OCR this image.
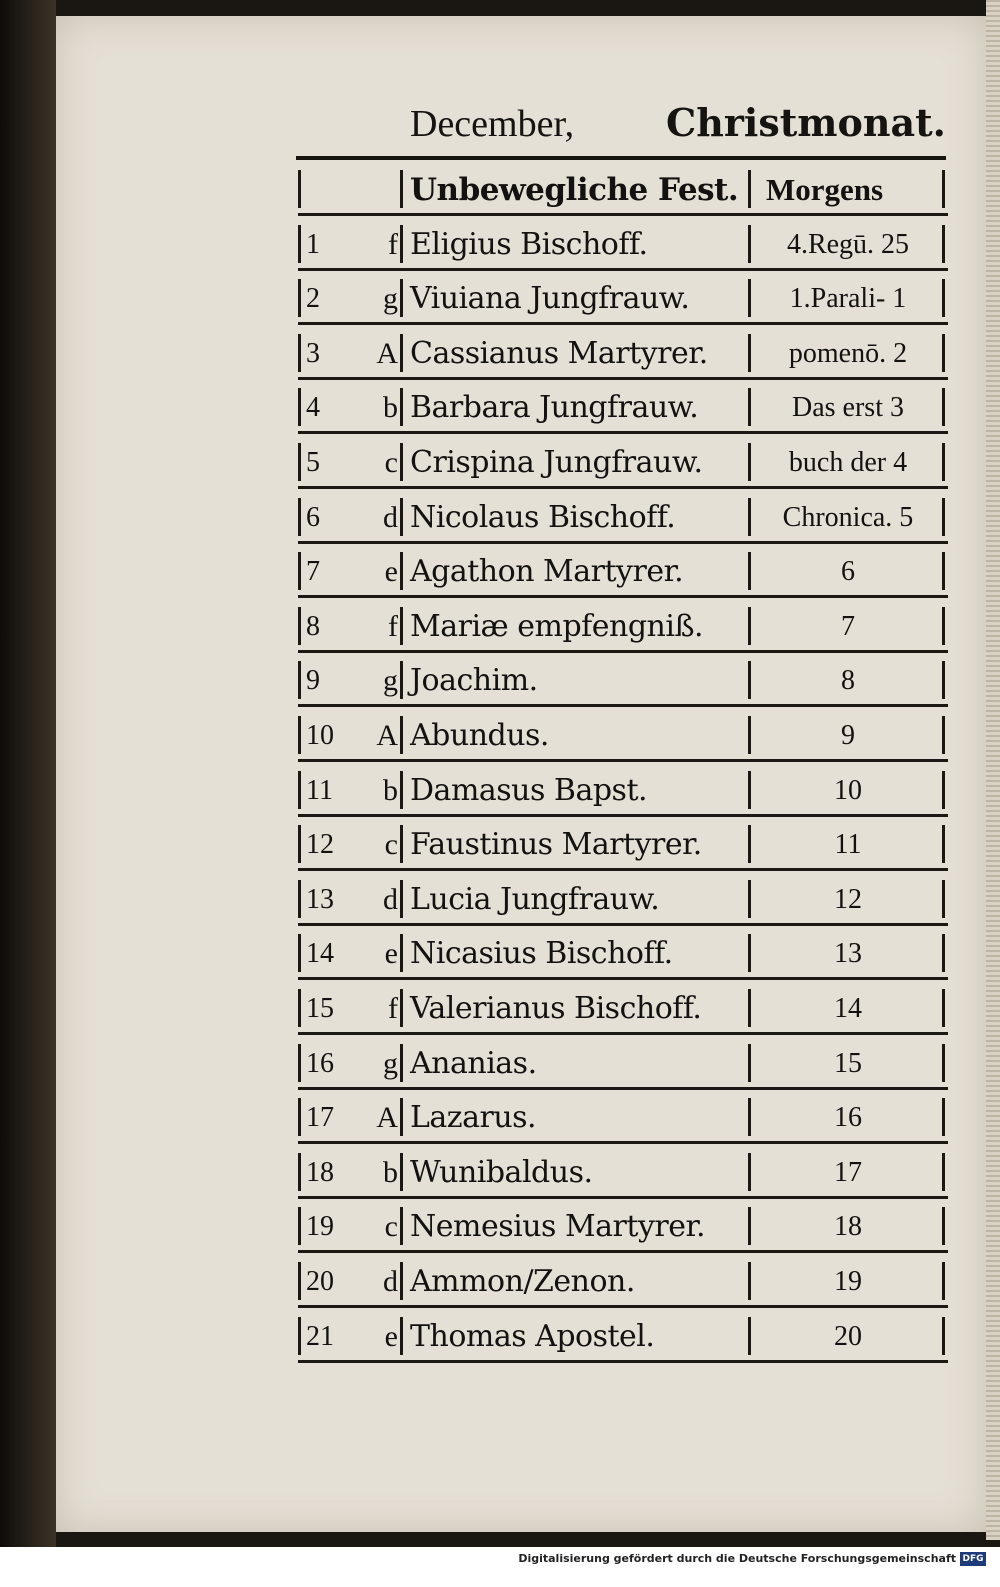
December, Christmonat.
Unbewegliche Fest. Morgens
1	f Eligius Bischoff.	4.Regū. 25
2	g Viuiana Jungfrauw.	1.Parali- 1
3 A Cassianus Martyrer.	pomenō. 2
4	b Barbara Jungfrauw.	Das erst 3
5	c Crispina Jungfrauw.	buch der 4
6	d Nicolaus Bischoff.	Chronica. 5
7	e Agathon Martyrer.	6
8	f Mariæ empfengniß.	7
9	g Joachim.	8
10 A Abundus.	9
11	b Damasus Bapst.	10
12	c Faustinus Martyrer.	11
13	d Lucia Jungfrauw.	12
14	e Nicasius Bischoff.	13
15	f Valerianus Bischoff.	14
16	g Ananias.	15
17 A Lazarus.	16
18	b Wunibaldus.	17
19	c Nemesius Martyrer.	18
20	d Ammon/Zenon.	19
21	e Thomas Apostel.	20
Digitalisierung gefördert durch die Deutsche Forschungsgemeinschaft DFG
